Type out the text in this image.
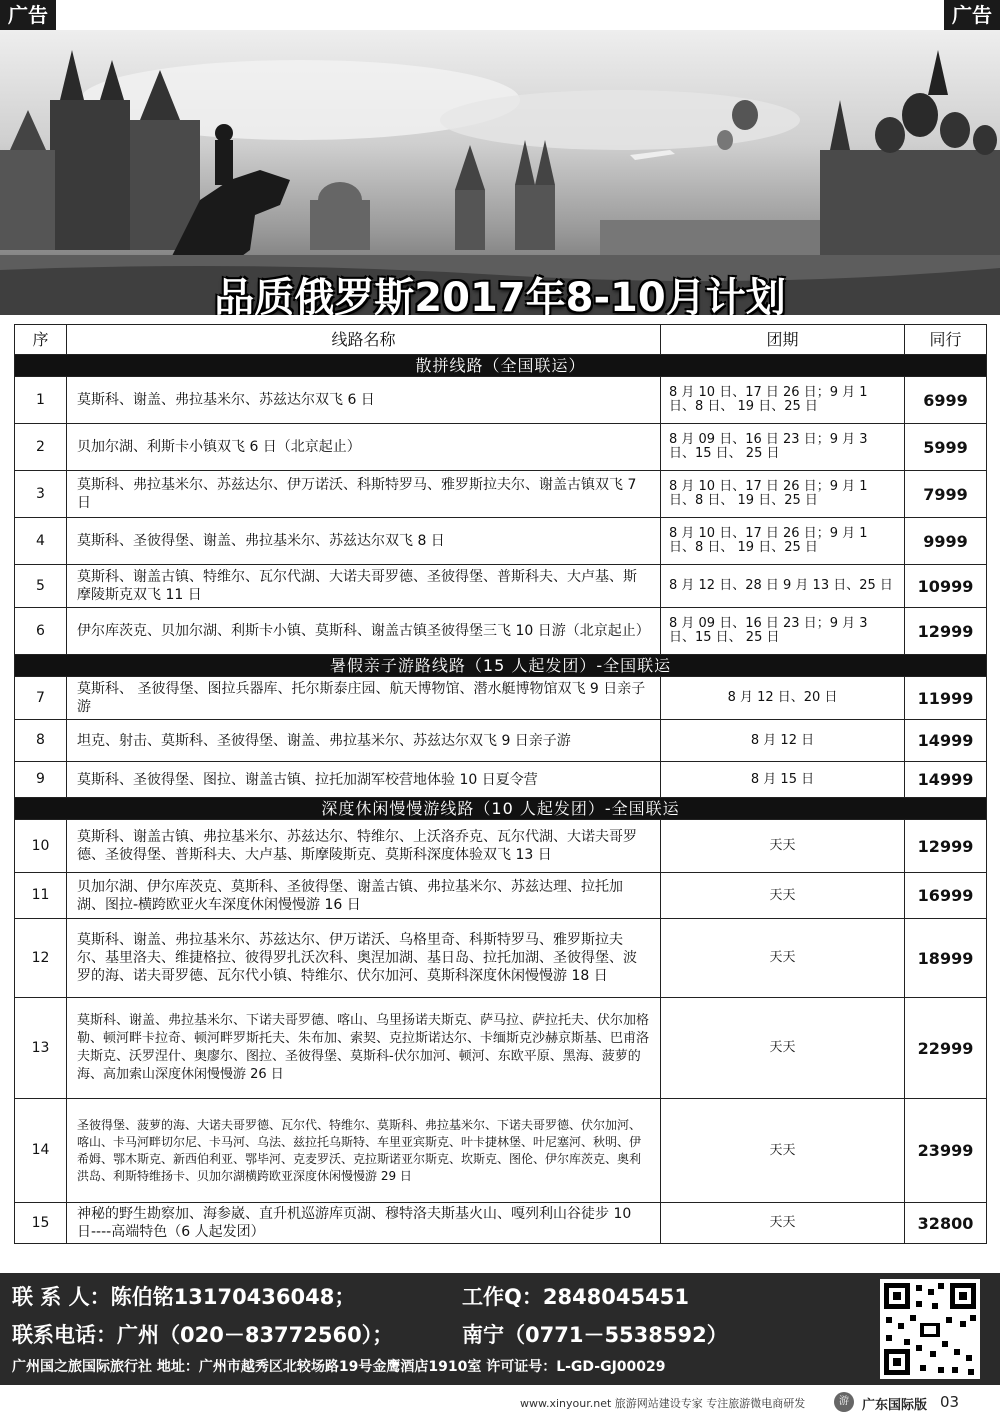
广告	广告
品质俄罗斯2017年8-10月计划
序	线路名称	团期	同行
散拼线路（全国联运）			
1	莫斯科、谢盖、弗拉基米尔、苏兹达尔双飞 6 日	8 月 10 日、17 日 26 日；9 月 1 日、8 日、 19 日、25 日	6999
2	贝加尔湖、利斯卡小镇双飞 6 日（北京起止）	8 月 09 日、16 日 23 日；9 月 3 日、15 日、 25 日	5999
3	莫斯科、弗拉基米尔、苏兹达尔、伊万诺沃、科斯特罗马、雅罗斯拉夫尔、谢盖古镇双飞 7 日	8 月 10 日、17 日 26 日；9 月 1 日、8 日、 19 日、25 日	7999
4	莫斯科、圣彼得堡、谢盖、弗拉基米尔、苏兹达尔双飞 8 日	8 月 10 日、17 日 26 日；9 月 1 日、8 日、 19 日、25 日	9999
5	莫斯科、谢盖古镇、特维尔、瓦尔代湖、大诺夫哥罗德、圣彼得堡、普斯科夫、大卢基、斯摩陵斯克双飞 11 日	8 月 12 日、28 日 9 月 13 日、25 日	10999
6	伊尔库茨克、贝加尔湖、利斯卡小镇、莫斯科、谢盖古镇圣彼得堡三飞 10 日游（北京起止）	8 月 09 日、16 日 23 日；9 月 3 日、15 日、 25 日	12999
暑假亲子游路线路（15 人起发团）-全国联运			
7	莫斯科、 圣彼得堡、图拉兵器库、托尔斯泰庄园、航天博物馆、潜水艇博物馆双飞 9 日亲子游	8 月 12 日、20 日	11999
8	坦克、射击、莫斯科、圣彼得堡、谢盖、弗拉基米尔、苏兹达尔双飞 9 日亲子游	8 月 12 日	14999
9	莫斯科、圣彼得堡、图拉、谢盖古镇、拉托加湖军校营地体验 10 日夏令营	8 月 15 日	14999
深度休闲慢慢游线路（10 人起发团）-全国联运			
10	莫斯科、谢盖古镇、弗拉基米尔、苏兹达尔、特维尔、上沃洛乔克、瓦尔代湖、大诺夫哥罗德、圣彼得堡、普斯科夫、大卢基、斯摩陵斯克、莫斯科深度体验双飞 13 日	天天	12999
11	贝加尔湖、伊尔库茨克、莫斯科、圣彼得堡、谢盖古镇、弗拉基米尔、苏兹达理、拉托加湖、图拉-横跨欧亚火车深度休闲慢慢游 16 日	天天	16999
12	莫斯科、谢盖、弗拉基米尔、苏兹达尔、伊万诺沃、乌格里奇、科斯特罗马、雅罗斯拉夫尔、基里洛夫、维捷格拉、彼得罗扎沃次科、奥涅加湖、基日岛、拉托加湖、圣彼得堡、波罗的海、诺夫哥罗德、瓦尔代小镇、特维尔、伏尔加河、莫斯科深度休闲慢慢游 18 日	天天	18999
13	莫斯科、谢盖、弗拉基米尔、下诺夫哥罗德、喀山、乌里扬诺夫斯克、萨马拉、萨拉托夫、伏尔加格勒、顿河畔卡拉奇、顿河畔罗斯托夫、朱布加、索契、克拉斯诺达尔、卡缅斯克沙赫京斯基、巴甫洛夫斯克、沃罗涅什、奥廖尔、图拉、圣彼得堡、莫斯科-伏尔加河、顿河、东欧平原、黑海、菠萝的海、高加索山深度休闲慢慢游 26 日	天天	22999
14	圣彼得堡、菠萝的海、大诺夫哥罗德、瓦尔代、特维尔、莫斯科、弗拉基米尔、下诺夫哥罗德、伏尔加河、喀山、卡马河畔切尔尼、卡马河、乌法、兹拉托乌斯特、车里亚宾斯克、叶卡捷林堡、叶尼塞河、秋明、伊希姆、鄂木斯克、新西伯利亚、鄂毕河、克麦罗沃、克拉斯诺亚尔斯克、坎斯克、图伦、伊尔库茨克、奥利洪岛、利斯特维扬卡、贝加尔湖横跨欧亚深度休闲慢慢游 29 日	天天	23999
15	神秘的野生勘察加、海参崴、直升机巡游库页湖、穆特洛夫斯基火山、嘎列利山谷徒步 10 日----高端特色（6 人起发团）	天天	32800
联 系 人：陈伯铭13170436048；	工作Q：2848045451
联系电话：广州（020－83772560）；	南宁（0771－5538592）
广州国之旅国际旅行社 地址：广州市越秀区北较场路19号金鹰酒店1910室 许可证号：L-GD-GJ00029
www.xinyour.net 旅游网站建设专家 专注旅游微电商研发	游	广东国际版 03
